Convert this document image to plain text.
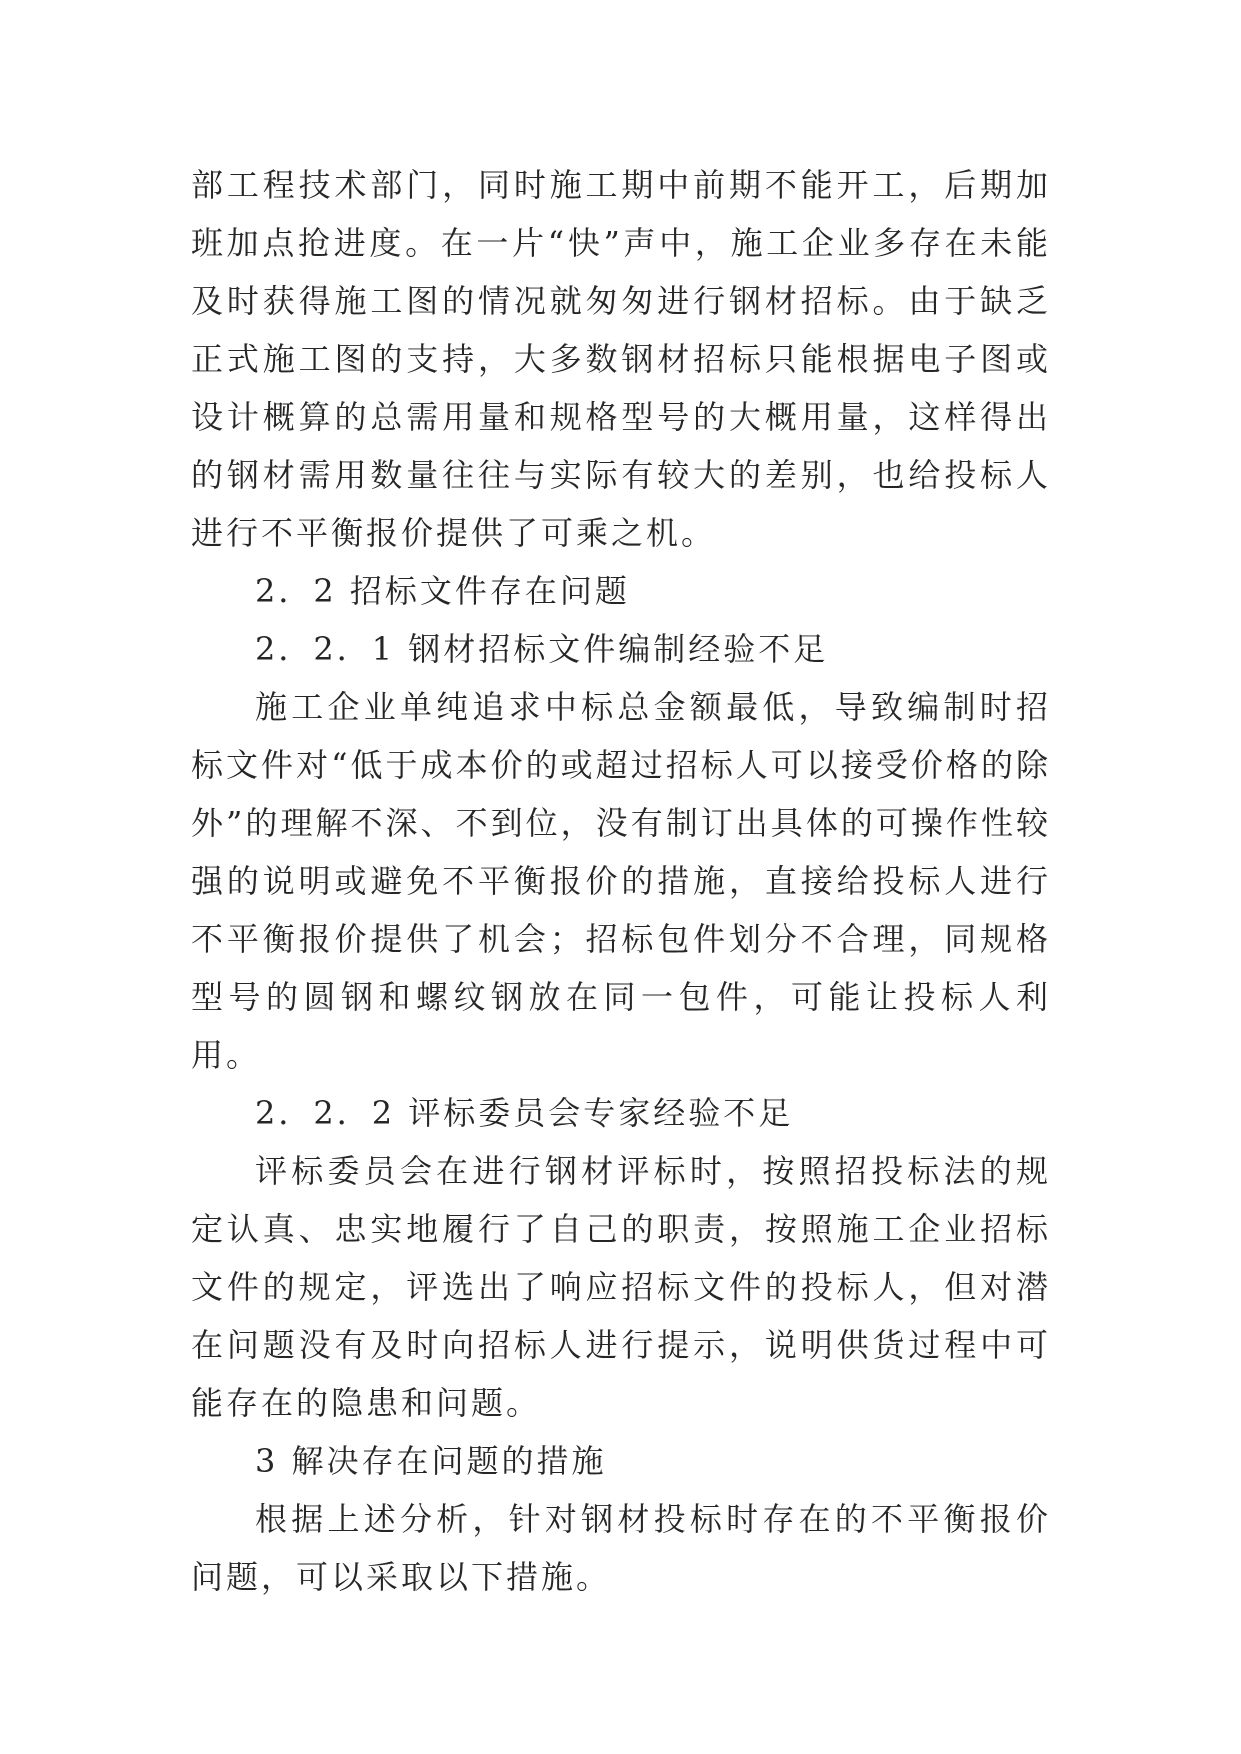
部工程技术部门，同时施工期中前期不能开工，后期加班加点抢进度。在一片“快”声中，施工企业多存在未能及时获得施工图的情况就匆匆进行钢材招标。由于缺乏正式施工图的支持，大多数钢材招标只能根据电子图或设计概算的总需用量和规格型号的大概用量，这样得出的钢材需用数量往往与实际有较大的差别，也给投标人进行不平衡报价提供了可乘之机。

2．2 招标文件存在问题

2．2．1 钢材招标文件编制经验不足

施工企业单纯追求中标总金额最低，导致编制时招标文件对“低于成本价的或超过招标人可以接受价格的除外”的理解不深、不到位，没有制订出具体的可操作性较强的说明或避免不平衡报价的措施，直接给投标人进行不平衡报价提供了机会；招标包件划分不合理，同规格型号的圆钢和螺纹钢放在同一包件，可能让投标人利用。

2．2．2 评标委员会专家经验不足

评标委员会在进行钢材评标时，按照招投标法的规定认真、忠实地履行了自己的职责，按照施工企业招标文件的规定，评选出了响应招标文件的投标人，但对潜在问题没有及时向招标人进行提示，说明供货过程中可能存在的隐患和问题。

3 解决存在问题的措施

根据上述分析，针对钢材投标时存在的不平衡报价问题，可以采取以下措施。
